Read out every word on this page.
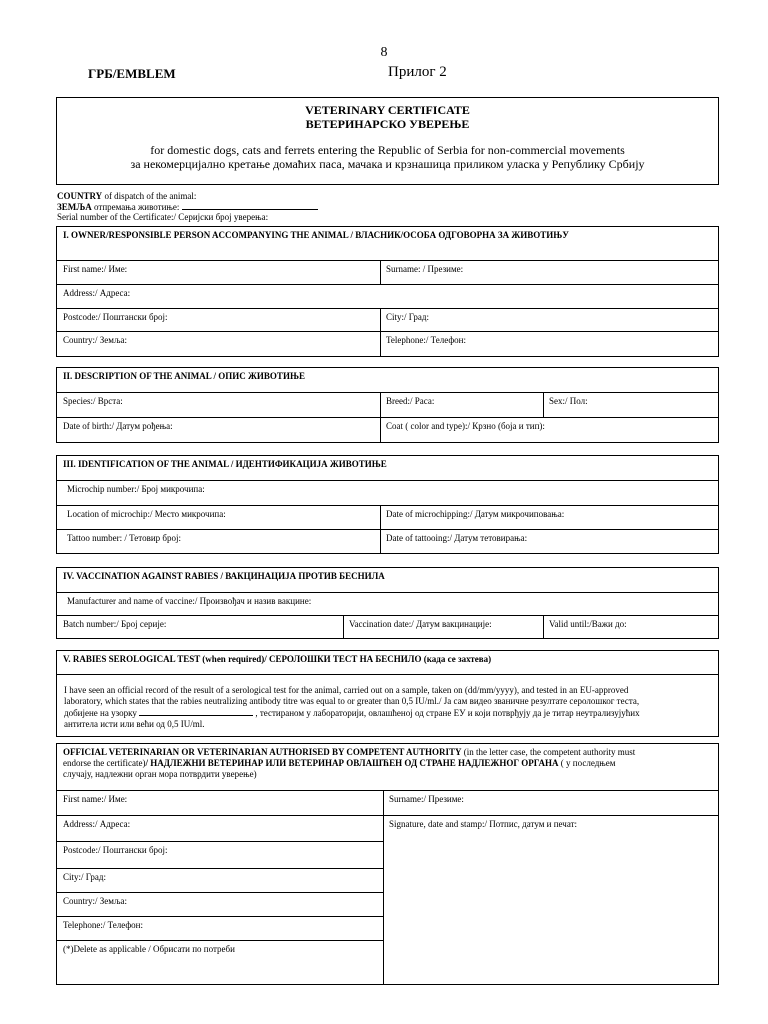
8
ГРБ/EMBLEM	Прилог 2
VETERINARY CERTIFICATE
ВЕТЕРИНАРСКО УВЕРЕЊЕ
for domestic dogs, cats and ferrets entering the Republic of Serbia for non-commercial movements
за некомерцијално кретање домаћих паса, мачака и крзнашица приликом уласка у Републику Србију
COUNTRY of dispatch of the animal:
ЗЕМЉА отпремања животиње:
Serial number of the Certificate:/ Серијски број уверења:
I. OWNER/RESPONSIBLE PERSON ACCOMPANYING THE ANIMAL / ВЛАСНИК/ОСОБА ОДГОВОРНА ЗА ЖИВОТИЊУ
First name:/ Име:	Surname: / Презиме:
Address:/ Адреса:
Postcode:/ Поштански број:	City:/ Град:
Country:/ Земља:	Telephone:/ Телефон:
II. DESCRIPTION OF THE ANIMAL / ОПИС ЖИВОТИЊЕ
Species:/ Врста:	Breed:/ Раса:	Sex:/ Пол:
Date of birth:/ Датум рођења:	Coat ( color and type):/ Крзно (боја и тип):
III. IDENTIFICATION OF THE ANIMAL / ИДЕНТИФИКАЦИЈА ЖИВОТИЊЕ
Microchip number:/ Број микрочипа:
Location of microchip:/ Место микрочипа:	Date of microchipping:/ Датум микрочиповања:
Tattoo number: / Тетовир број:	Date of tattooing:/ Датум тетовирања:
IV. VACCINATION AGAINST RABIES / ВАКЦИНАЦИЈА ПРОТИВ БЕСНИЛА
Manufacturer and name of vaccine:/ Произвођач и назив вакцине:
Batch number:/ Број серије:	Vaccination date:/ Датум вакцинације:	Valid until:/Важи до:
V. RABIES SEROLOGICAL TEST (when required)/ СЕРОЛОШКИ ТЕСТ НА БЕСНИЛО (када се захтева)
I have seen an official record of the result of a serological test for the animal, carried out on a sample, taken on (dd/mm/yyyy), and tested in an EU-approved
laboratory, which states that the rabies neutralizing antibody titre was equal to or greater than 0,5 IU/ml./ Ја сам видео званичне резултате серолошког теста,
добијене на узорку	, тестираном у лабораторији, овлашћеној од стране ЕУ и који потврђују да је титар неутрализујућих
антитела исти или већи од 0,5 IU/ml.
OFFICIAL VETERINARIAN OR VETERINARIAN AUTHORISED BY COMPETENT AUTHORITY (in the letter case, the competent authority must
endorse the certificate)/ НАДЛЕЖНИ ВЕТЕРИНАР ИЛИ ВЕТЕРИНАР ОВЛАШЋЕН ОД СТРАНЕ НАДЛЕЖНОГ ОРГАНА ( у последњем
случају, надлежни орган мора потврдити уверење)
First name:/ Име:	Surname:/ Презиме:
Address:/ Адреса:	Signature, date and stamp:/ Потпис, датум и печат:
Postcode:/ Поштански број:
City:/ Град:
Country:/ Земља:
Telephone:/ Телефон:
(*)Delete as applicable / Обрисати по потреби
